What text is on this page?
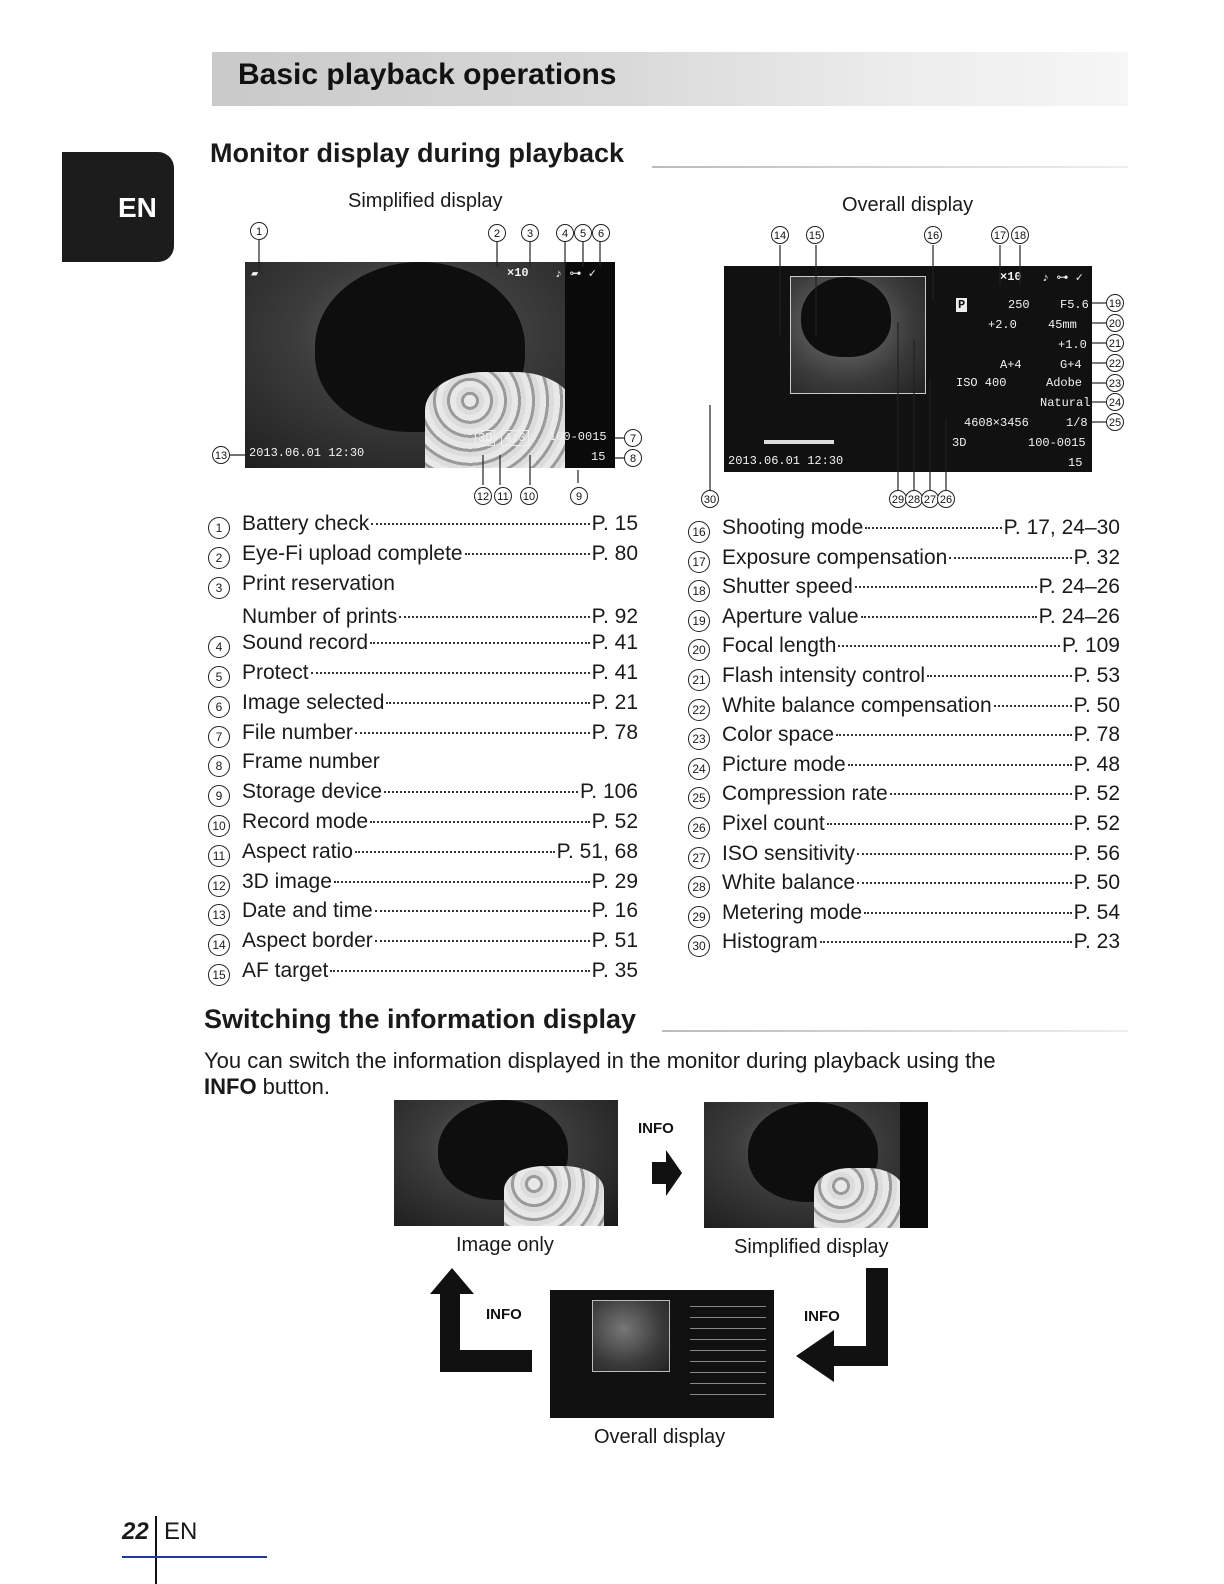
Basic playback operations
EN
Monitor display during playback
Simplified display	Overall display
2013.06.01 12:30
100-0015
15
×10 ♪ ⊶ ✓
3D 4:3
▰
1	2	3	4	5	6
13
7
8
12 11 10	9
P	250	F5.6
+2.0	45mm
+1.0
A+4	G+4
ISO 400	Adobe
Natural
4608×3456	1/8
3D	100-0015
15
2013.06.01 12:30
×10 ♪ ⊶ ✓
14 15	16	17 18
19
20
21
22
23
24
25
30	29 28 27 26
1 Battery check	P. 15
2 Eye-Fi upload complete	P. 80
3 Print reservation
Number of prints	P. 92
4 Sound record	P. 41
5 Protect	P. 41
6 Image selected	P. 21
7 File number	P. 78
8 Frame number
9 Storage device	P. 106
10 Record mode	P. 52
11 Aspect ratio	P. 51, 68
12 3D image	P. 29
13 Date and time	P. 16
14 Aspect border	P. 51
15 AF target	P. 35
16 Shooting mode	P. 17, 24–30
17 Exposure compensation	P. 32
18 Shutter speed	P. 24–26
19 Aperture value	P. 24–26
20 Focal length	P. 109
21 Flash intensity control	P. 53
22 White balance compensation	P. 50
23 Color space	P. 78
24 Picture mode	P. 48
25 Compression rate	P. 52
26 Pixel count	P. 52
27 ISO sensitivity	P. 56
28 White balance	P. 50
29 Metering mode	P. 54
30 Histogram	P. 23
Switching the information display
You can switch the information displayed in the monitor during playback using the
INFO button.
Image only
INFO
Simplified display
INFO	INFO
Overall display
22 EN
